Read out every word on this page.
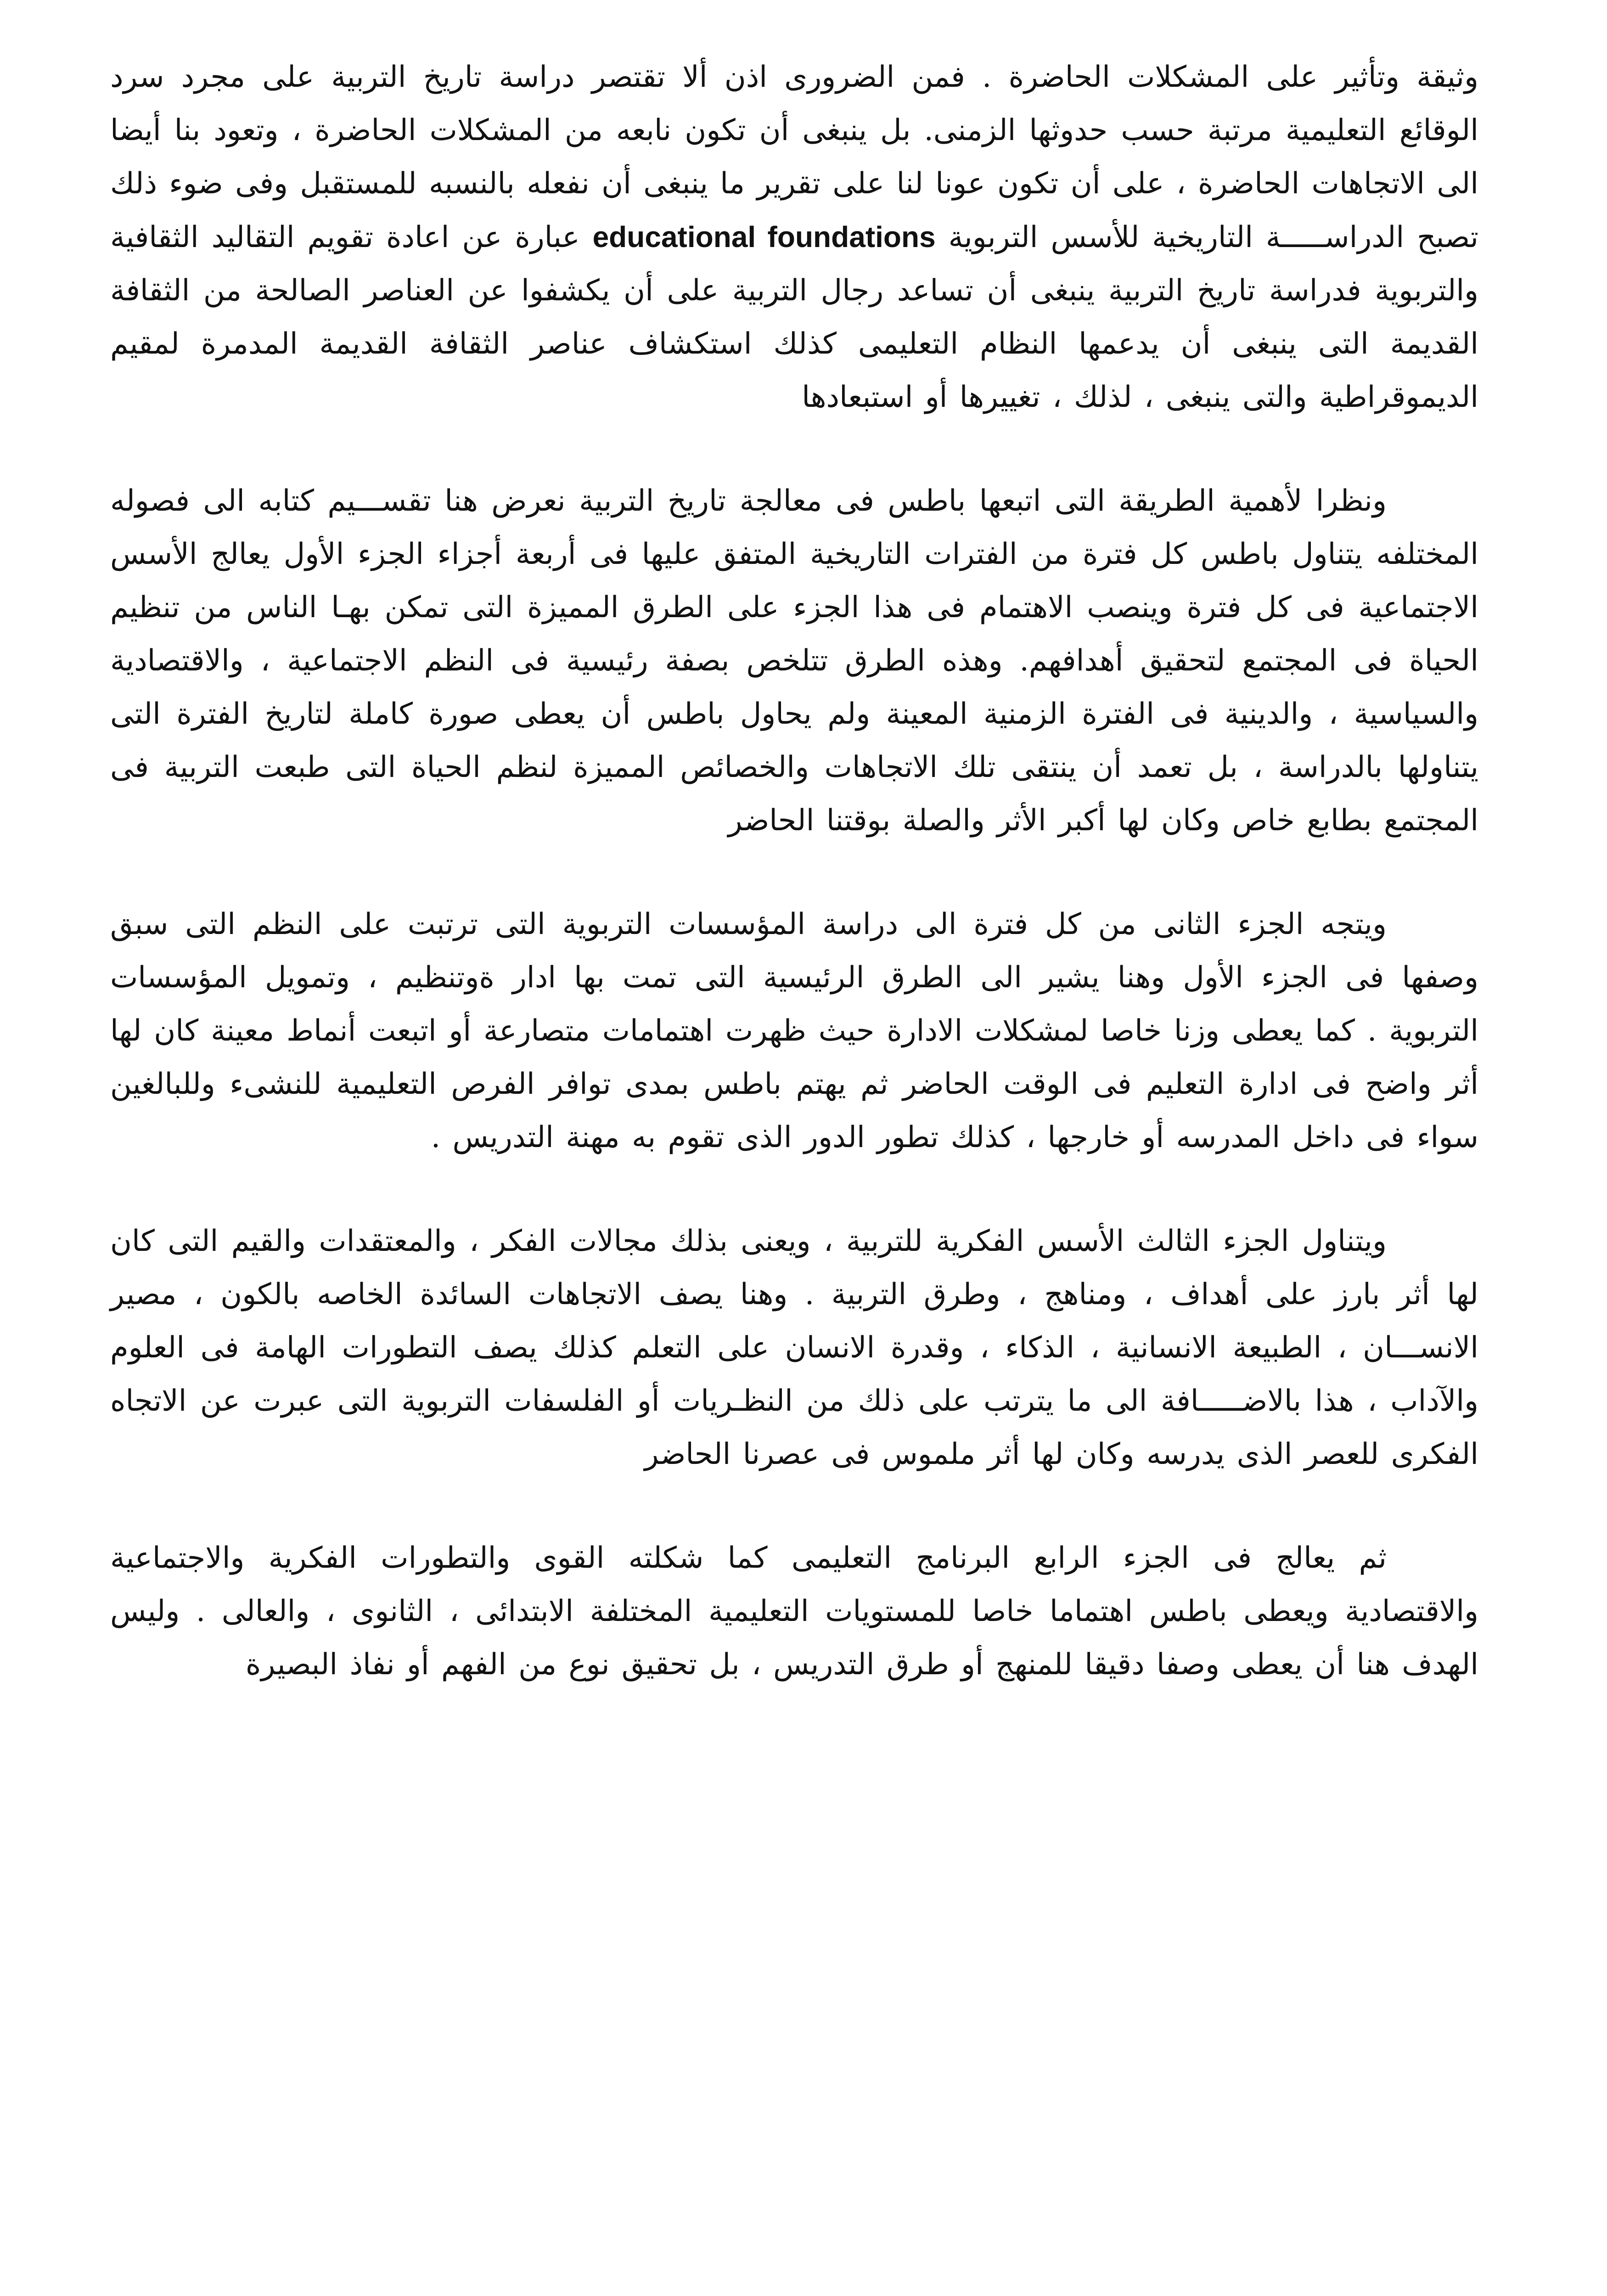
وثيقة وتأثير على المشكلات الحاضرة . فمن الضرورى اذن ألا تقتصر دراسة تاريخ التربية على مجرد سرد الوقائع التعليمية مرتبة حسب حدوثها الزمنى. بل ينبغى أن تكون نابعه من المشكلات الحاضرة ، وتعود بنا أيضا الى الاتجاهات الحاضرة ، على أن تكون عونا لنا على تقرير ما ينبغى أن نفعله بالنسبه للمستقبل وفى ضوء ذلك تصبح الدراســـــة التاريخية للأسس التربوية educational foundations عبارة عن اعادة تقويم التقاليد الثقافية والتربوية فدراسة تاريخ التربية ينبغى أن تساعد رجال التربية على أن يكشفوا عن العناصر الصالحة من الثقافة القديمة التى ينبغى أن يدعمها النظام التعليمى كذلك استكشاف عناصر الثقافة القديمة المدمرة لمقيم الديموقراطية والتى ينبغى ، لذلك ، تغييرها أو استبعادها

ونظرا لأهمية الطريقة التى اتبعها باطس فى معالجة تاريخ التربية نعرض هنا تقســـيم كتابه الى فصوله المختلفه يتناول باطس كل فترة من الفترات التاريخية المتفق عليها فى أربعة أجزاء الجزء الأول يعالج الأسس الاجتماعية فى كل فترة وينصب الاهتمام فى هذا الجزء على الطرق المميزة التى تمكن بهـا الناس من تنظيم الحياة فى المجتمع لتحقيق أهدافهم. وهذه الطرق تتلخص بصفة رئيسية فى النظم الاجتماعية ، والاقتصادية والسياسية ، والدينية فى الفترة الزمنية المعينة ولم يحاول باطس أن يعطى صورة كاملة لتاريخ الفترة التى يتناولها بالدراسة ، بل تعمد أن ينتقى تلك الاتجاهات والخصائص المميزة لنظم الحياة التى طبعت التربية فى المجتمع بطابع خاص وكان لها أكبر الأثر والصلة بوقتنا الحاضر

ويتجه الجزء الثانى من كل فترة الى دراسة المؤسسات التربوية التى ترتبت على النظم التى سبق وصفها فى الجزء الأول وهنا يشير الى الطرق الرئيسية التى تمت بها ادار ةوتنظيم ، وتمويل المؤسسات التربوية . كما يعطى وزنا خاصا لمشكلات الادارة حيث ظهرت اهتمامات متصارعة أو اتبعت أنماط معينة كان لها أثر واضح فى ادارة التعليم فى الوقت الحاضر ثم يهتم باطس بمدى توافر الفرص التعليمية للنشىء وللبالغين سواء فى داخل المدرسه أو خارجها ، كذلك تطور الدور الذى تقوم به مهنة التدريس .

ويتناول الجزء الثالث الأسس الفكرية للتربية ، ويعنى بذلك مجالات الفكر ، والمعتقدات والقيم التى كان لها أثر بارز على أهداف ، ومناهج ، وطرق التربية . وهنا يصف الاتجاهات السائدة الخاصه بالكون ، مصير الانســـان ، الطبيعة الانسانية ، الذكاء ، وقدرة الانسان على التعلم كذلك يصف التطورات الهامة فى العلوم والآداب ، هذا بالاضـــــافة الى ما يترتب على ذلك من النظـريات أو الفلسفات التربوية التى عبرت عن الاتجاه الفكرى للعصر الذى يدرسه وكان لها أثر ملموس فى عصرنا الحاضر

ثم يعالج فى الجزء الرابع البرنامج التعليمى كما شكلته القوى والتطورات الفكرية والاجتماعية والاقتصادية ويعطى باطس اهتماما خاصا للمستويات التعليمية المختلفة الابتدائى ، الثانوى ، والعالى . وليس الهدف هنا أن يعطى وصفا دقيقا للمنهج أو طرق التدريس ، بل تحقيق نوع من الفهم أو نفاذ البصيرة
